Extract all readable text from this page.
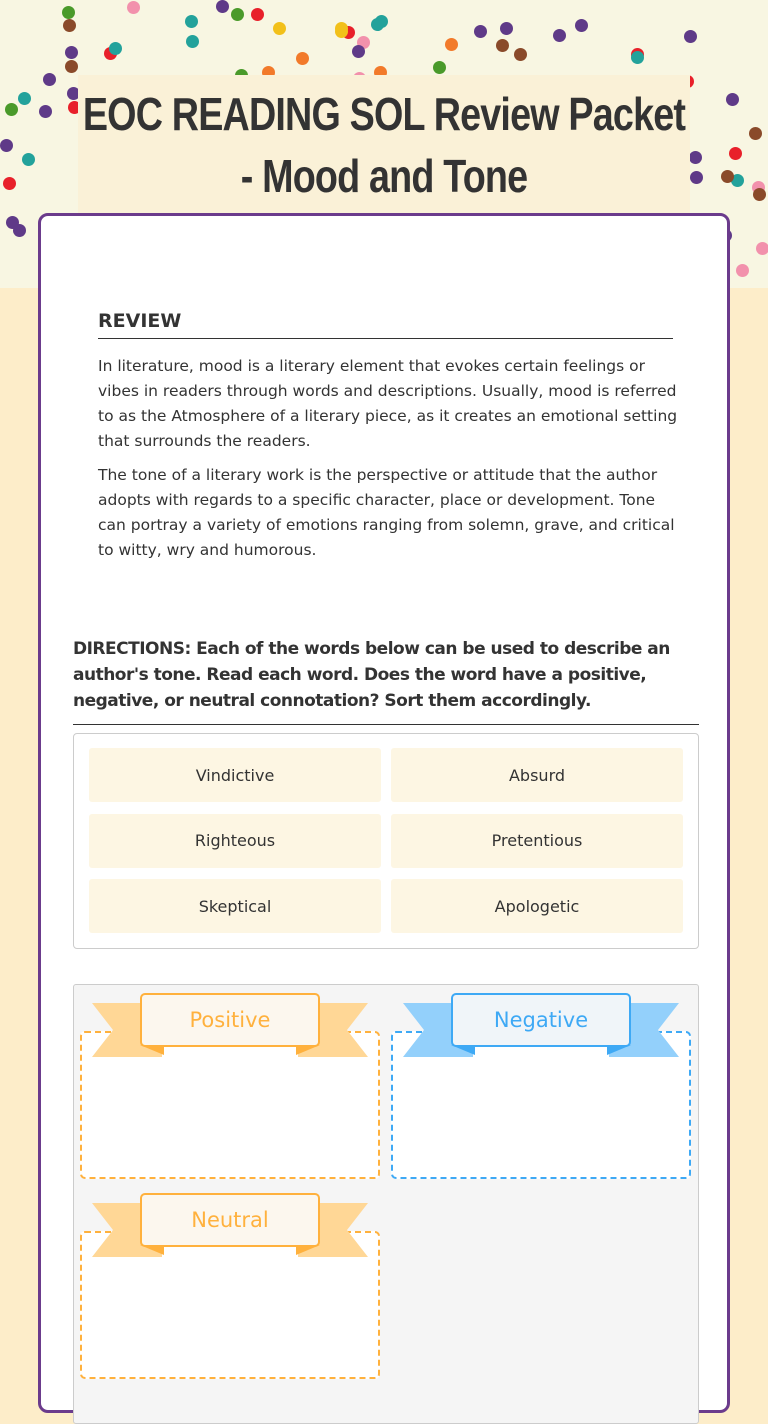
EOC READING SOL Review Packet - Mood and Tone
REVIEW

In literature, mood is a literary element that evokes certain feelings or vibes in readers through words and descriptions. Usually, mood is referred to as the Atmosphere of a literary piece, as it creates an emotional setting that surrounds the readers.

The tone of a literary work is the perspective or attitude that the author adopts with regards to a specific character, place or development. Tone can portray a variety of emotions ranging from solemn, grave, and critical to witty, wry and humorous.

DIRECTIONS: Each of the words below can be used to describe an author's tone. Read each word. Does the word have a positive, negative, or neutral connotation? Sort them accordingly.
Vindictive	Absurd
Righteous	Pretentious
Skeptical	Apologetic
Positive	Negative
Neutral
